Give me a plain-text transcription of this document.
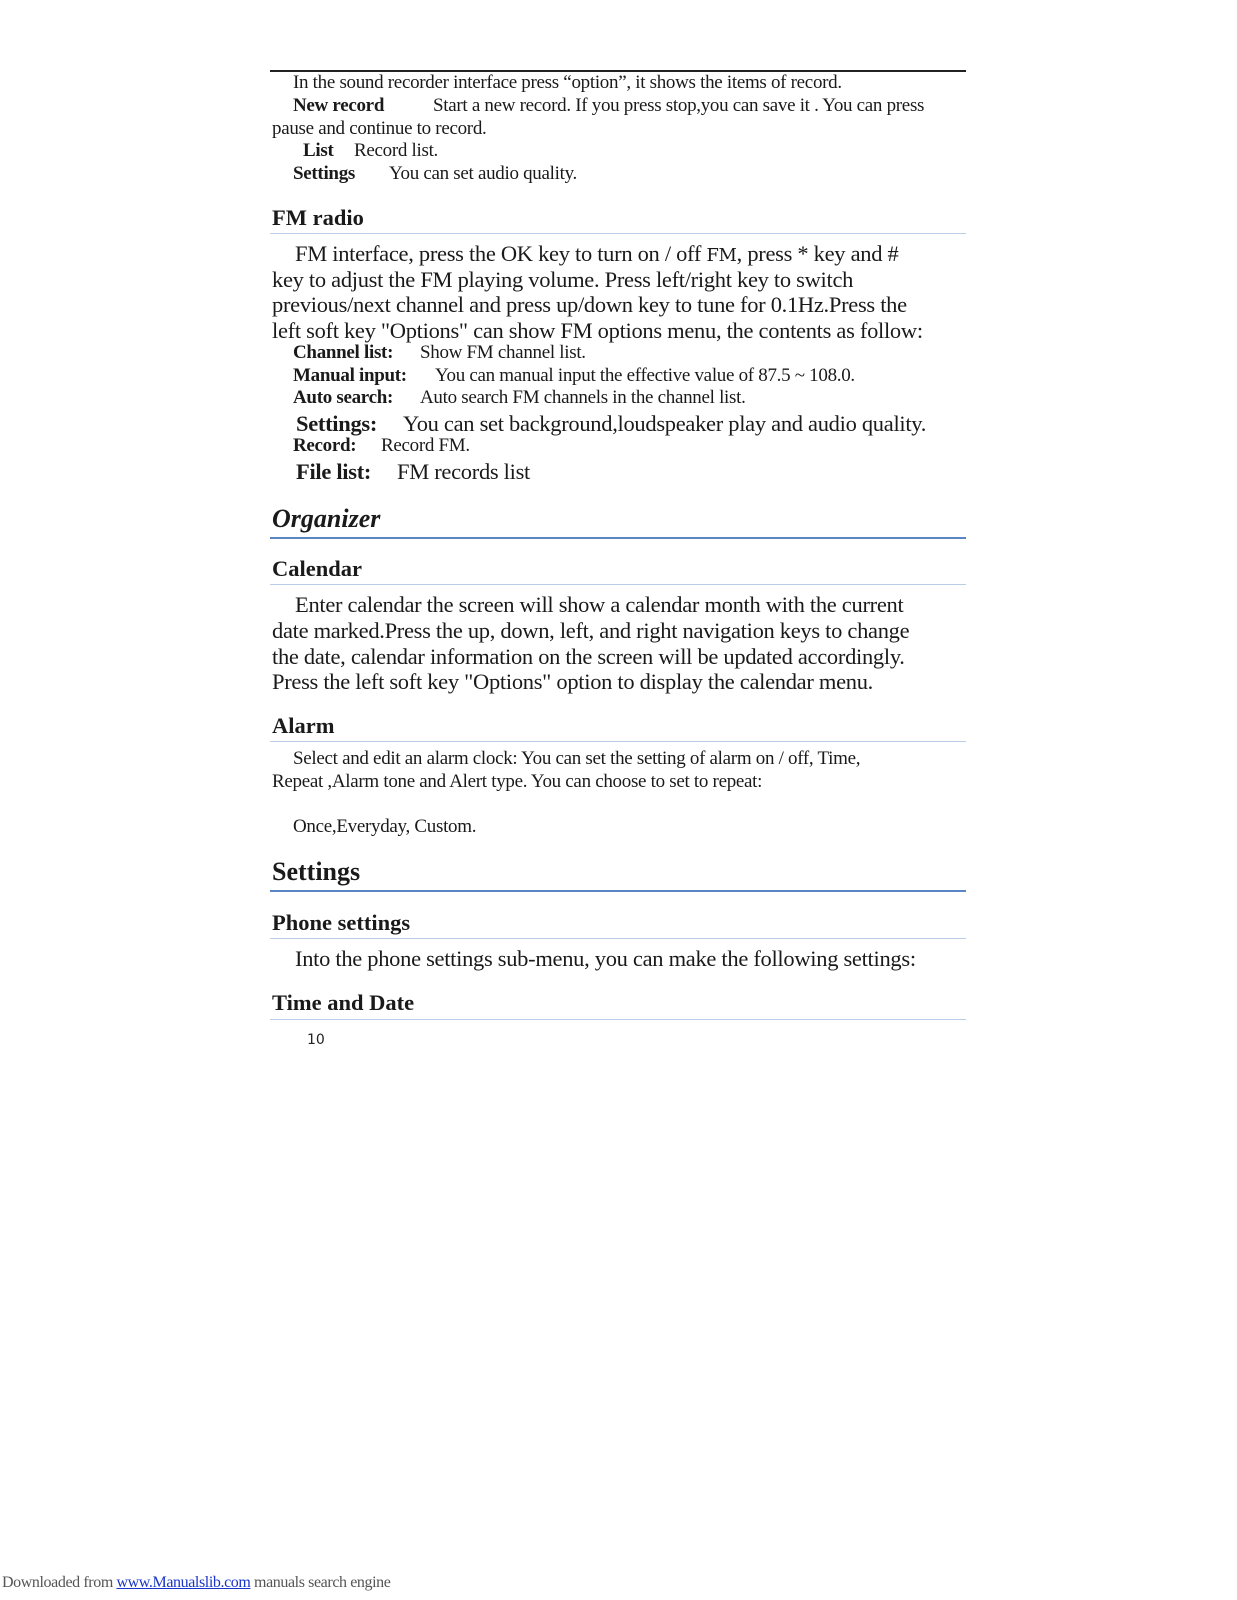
In the sound recorder interface press “option”, it shows the items of record.
New record	Start a new record. If you press stop,you can save it . You can press
pause and continue to record.
List Record list.
Settings You can set audio quality.
FM radio
FM interface, press the OK key to turn on / off FM, press * key and #
key to adjust the FM playing volume. Press left/right key to switch
previous/next channel and press up/down key to tune for 0.1Hz.Press the
left soft key "Options" can show FM options menu, the contents as follow:
Channel list: Show FM channel list.
Manual input: You can manual input the effective value of 87.5 ~ 108.0.
Auto search: Auto search FM channels in the channel list.
Settings: You can set background,loudspeaker play and audio quality.
Record: Record FM.
File list: FM records list
Organizer
Calendar
Enter calendar the screen will show a calendar month with the current
date marked.Press the up, down, left, and right navigation keys to change
the date, calendar information on the screen will be updated accordingly.
Press the left soft key "Options" option to display the calendar menu.
Alarm
Select and edit an alarm clock: You can set the setting of alarm on / off, Time,
Repeat ,Alarm tone and Alert type. You can choose to set to repeat:
Once,Everyday, Custom.
Settings
Phone settings
Into the phone settings sub-menu, you can make the following settings:
Time and Date
10
Downloaded from www.Manualslib.com manuals search engine
